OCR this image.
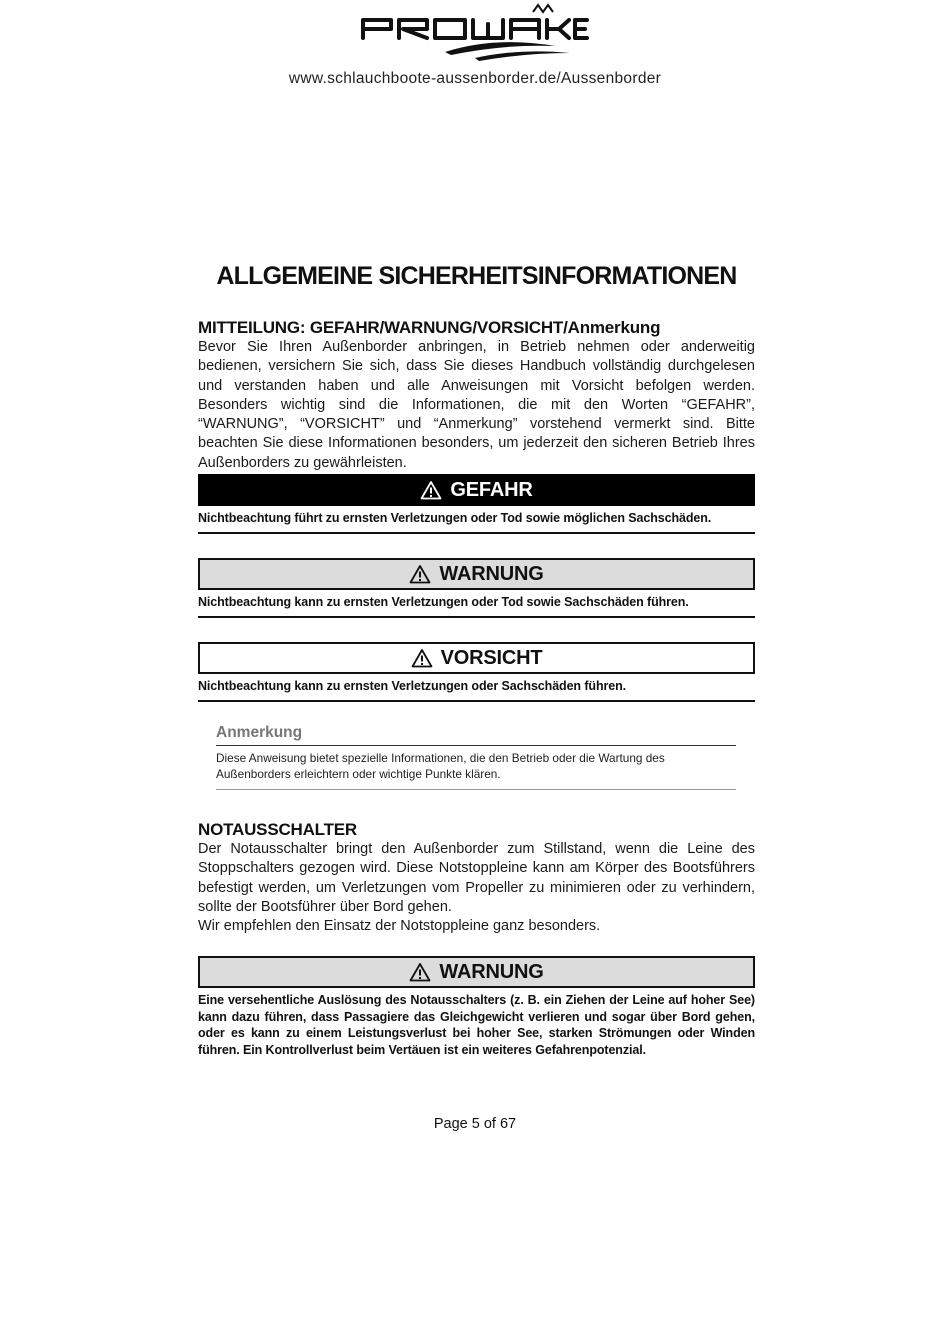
www.schlauchboote-aussenborder.de/Aussenborder
ALLGEMEINE SICHERHEITSINFORMATIONEN
MITTEILUNG: GEFAHR/WARNUNG/VORSICHT/Anmerkung

Bevor Sie Ihren Außenborder anbringen, in Betrieb nehmen oder anderweitig bedienen, versichern Sie sich, dass Sie dieses Handbuch vollständig durchgelesen und verstanden haben und alle Anweisungen mit Vorsicht befolgen werden. Besonders wichtig sind die Informationen, die mit den Worten “GEFAHR”, “WARNUNG”, “VORSICHT” und “Anmerkung” vorstehend vermerkt sind. Bitte beachten Sie diese Informationen besonders, um jederzeit den sicheren Betrieb Ihres Außenborders zu gewährleisten.

GEFAHR

Nichtbeachtung führt zu ernsten Verletzungen oder Tod sowie möglichen Sachschäden.

WARNUNG

Nichtbeachtung kann zu ernsten Verletzungen oder Tod sowie Sachschäden führen.

VORSICHT

Nichtbeachtung kann zu ernsten Verletzungen oder Sachschäden führen.

Anmerkung

Diese Anweisung bietet spezielle Informationen, die den Betrieb oder die Wartung des Außenborders erleichtern oder wichtige Punkte klären.

NOTAUSSCHALTER

Der Notausschalter bringt den Außenborder zum Stillstand, wenn die Leine des Stoppschalters gezogen wird. Diese Notstoppleine kann am Körper des Bootsführers befestigt werden, um Verletzungen vom Propeller zu minimieren oder zu verhindern, sollte der Bootsführer über Bord gehen.

Wir empfehlen den Einsatz der Notstoppleine ganz besonders.

WARNUNG

Eine versehentliche Auslösung des Notausschalters (z. B. ein Ziehen der Leine auf hoher See) kann dazu führen, dass Passagiere das Gleichgewicht verlieren und sogar über Bord gehen, oder es kann zu einem Leistungsverlust bei hoher See, starken Strömungen oder Winden führen. Ein Kontrollverlust beim Vertäuen ist ein weiteres Gefahrenpotenzial.

Page 5 of 67
